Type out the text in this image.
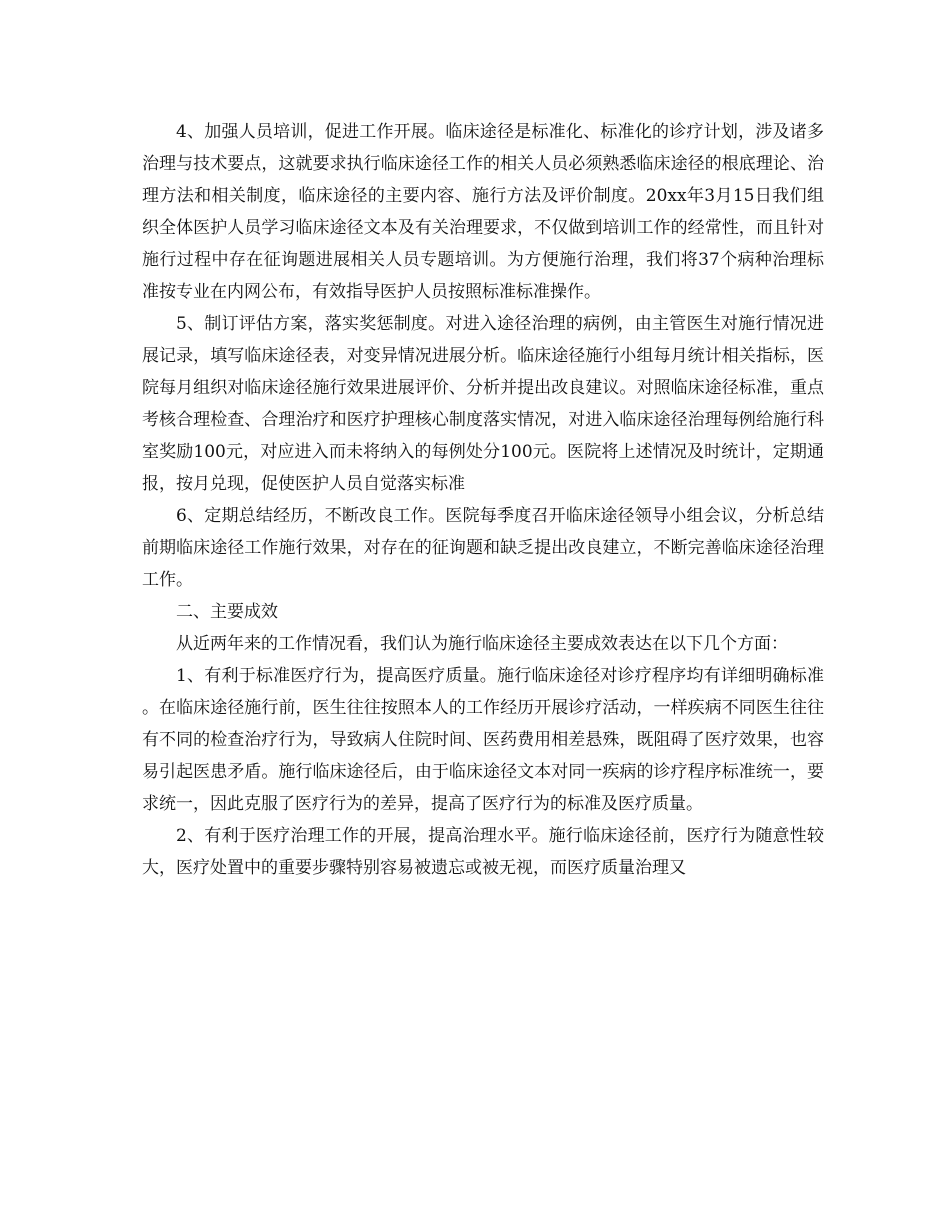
4、加强人员培训，促进工作开展。临床途径是标准化、标准化的诊疗计划，涉及诸多治理与技术要点，这就要求执行临床途径工作的相关人员必须熟悉临床途径的根底理论、治理方法和相关制度，临床途径的主要内容、施行方法及评价制度。20xx年3月15日我们组织全体医护人员学习临床途径文本及有关治理要求，不仅做到培训工作的经常性，而且针对施行过程中存在征询题进展相关人员专题培训。为方便施行治理，我们将37个病种治理标准按专业在内网公布，有效指导医护人员按照标准标准操作。

5、制订评估方案，落实奖惩制度。对进入途径治理的病例，由主管医生对施行情况进展记录，填写临床途径表，对变异情况进展分析。临床途径施行小组每月统计相关指标，医院每月组织对临床途径施行效果进展评价、分析并提出改良建议。对照临床途径标准，重点考核合理检查、合理治疗和医疗护理核心制度落实情况，对进入临床途径治理每例给施行科室奖励100元，对应进入而未将纳入的每例处分100元。医院将上述情况及时统计，定期通报，按月兑现，促使医护人员自觉落实标准

6、定期总结经历，不断改良工作。医院每季度召开临床途径领导小组会议，分析总结前期临床途径工作施行效果，对存在的征询题和缺乏提出改良建立，不断完善临床途径治理工作。

二、主要成效

从近两年来的工作情况看，我们认为施行临床途径主要成效表达在以下几个方面：

1、有利于标准医疗行为，提高医疗质量。施行临床途径对诊疗程序均有详细明确标准。在临床途径施行前，医生往往按照本人的工作经历开展诊疗活动，一样疾病不同医生往往有不同的检查治疗行为，导致病人住院时间、医药费用相差悬殊，既阻碍了医疗效果，也容易引起医患矛盾。施行临床途径后，由于临床途径文本对同一疾病的诊疗程序标准统一，要求统一，因此克服了医疗行为的差异，提高了医疗行为的标准及医疗质量。

2、有利于医疗治理工作的开展，提高治理水平。施行临床途径前，医疗行为随意性较大，医疗处置中的重要步骤特别容易被遗忘或被无视，而医疗质量治理又
